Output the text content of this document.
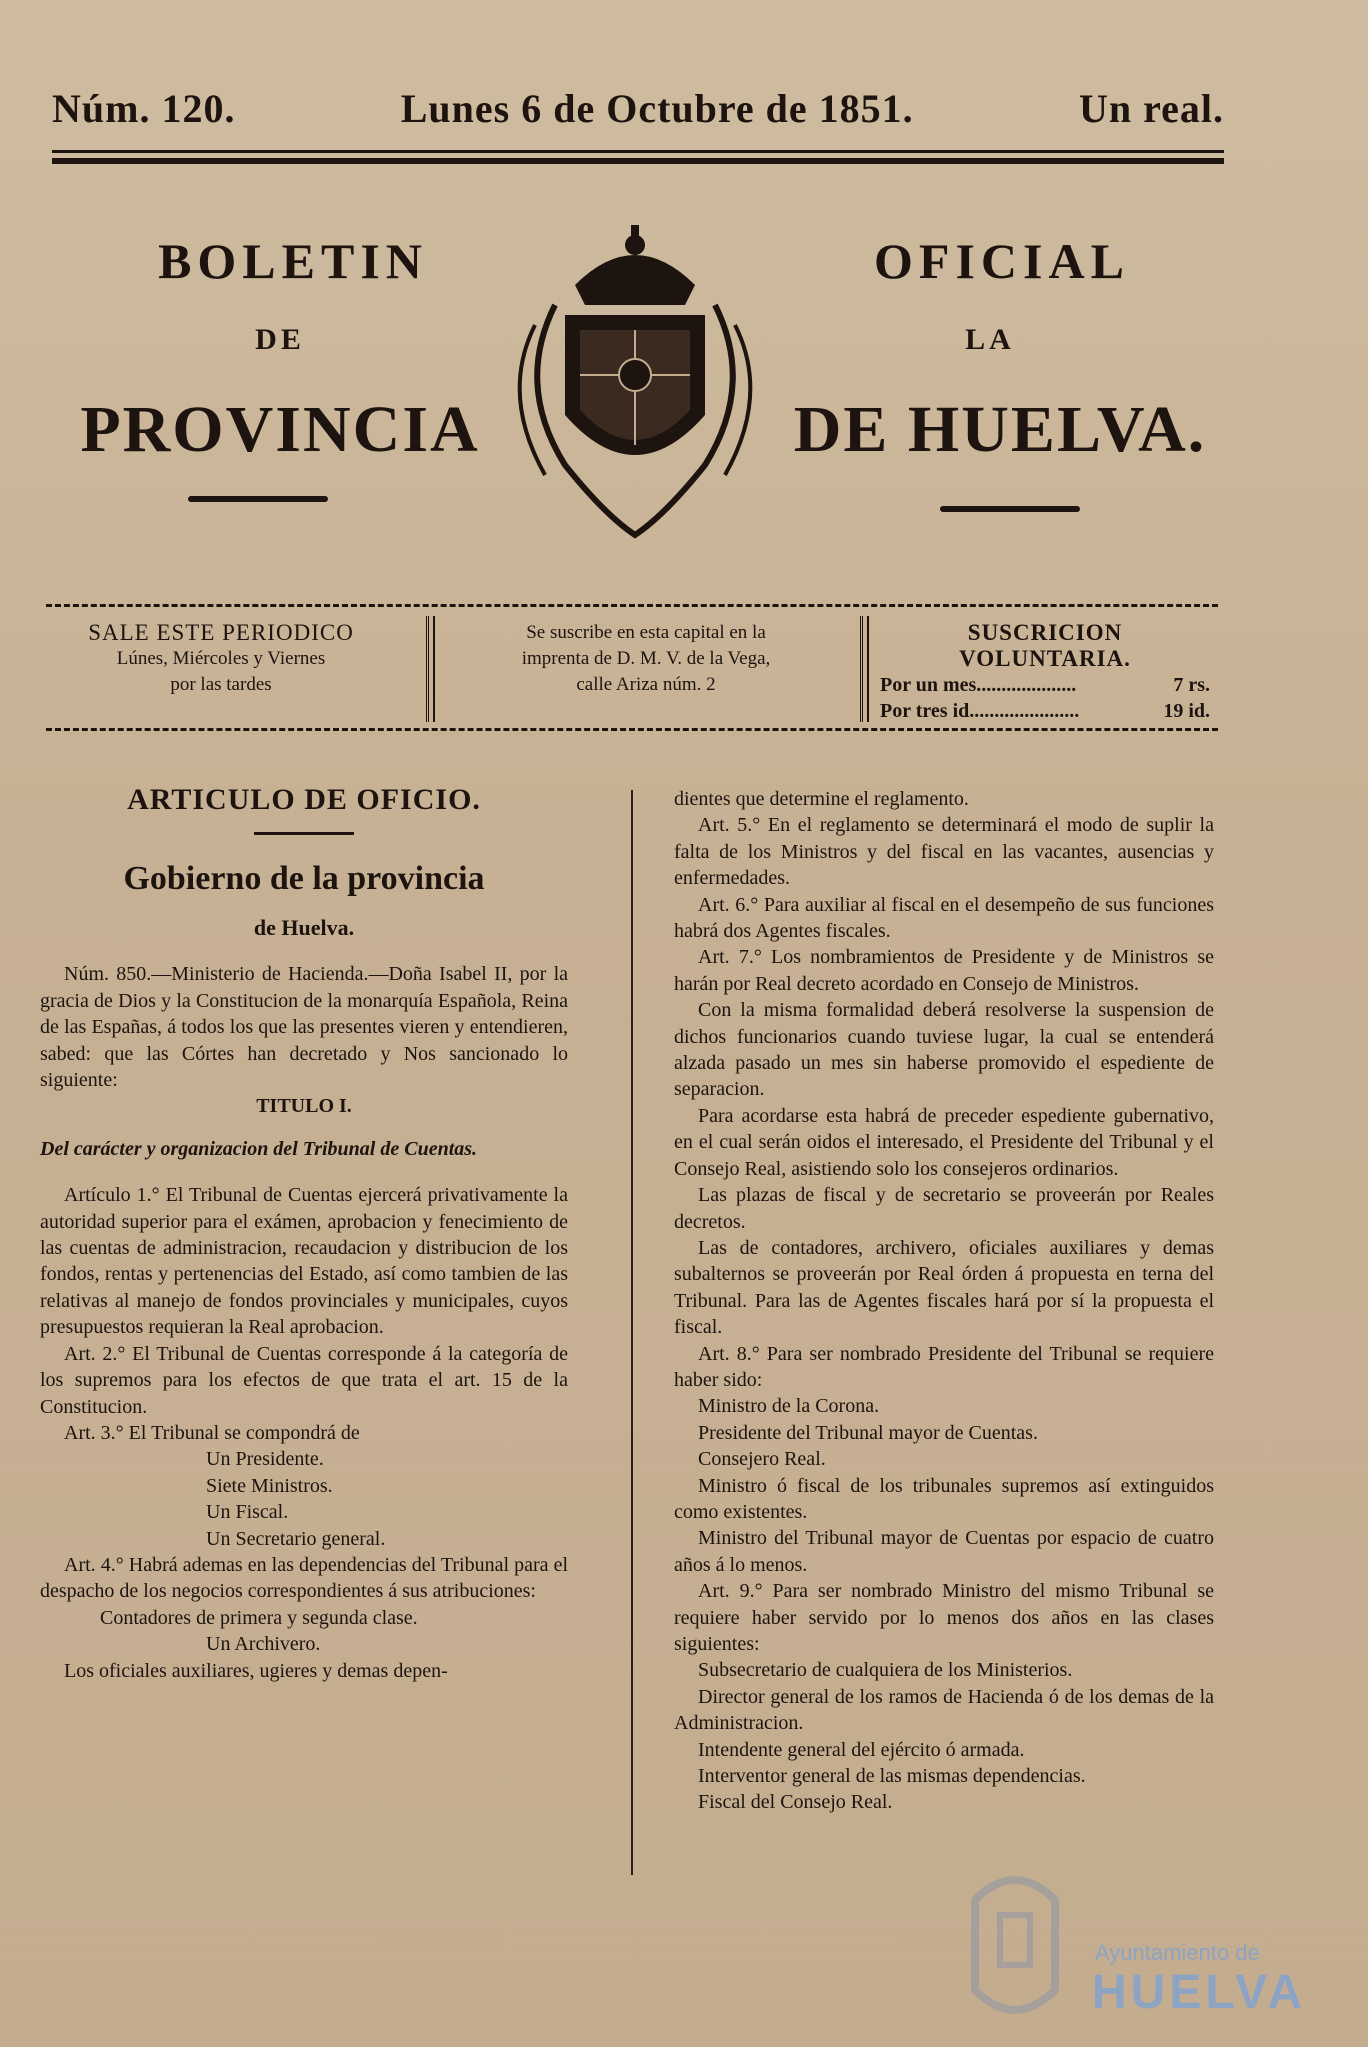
Núm. 120.	Lunes 6 de Octubre de 1851.	Un real.
BOLETIN
DE
PROVINCIA
OFICIAL
LA
DE HUELVA.
SALE ESTE PERIODICO
Lúnes, Miércoles y Viernes
por las tardes
Se suscribe en esta capital en la
imprenta de D. M. V. de la Vega,
calle Ariza núm. 2
SUSCRICION VOLUNTARIA.
Por un mes....................	7 rs.
Por tres id......................	19 id.

ARTICULO DE OFICIO.

Gobierno de la provincia

de Huelva.

Núm. 850.—Ministerio de Hacienda.—Doña Isabel II, por la gracia de Dios y la Constitucion de la monarquía Española, Reina de las Españas, á todos los que las presentes vieren y entendieren, sabed: que las Córtes han decretado y Nos sancionado lo siguiente:

TITULO I.

Del carácter y organizacion del Tribunal de Cuentas.

Artículo 1.° El Tribunal de Cuentas ejercerá privativamente la autoridad superior para el exámen, aprobacion y fenecimiento de las cuentas de administracion, recaudacion y distribucion de los fondos, rentas y pertenencias del Estado, así como tambien de las relativas al manejo de fondos provinciales y municipales, cuyos presupuestos requieran la Real aprobacion.

Art. 2.° El Tribunal de Cuentas corresponde á la categoría de los supremos para los efectos de que trata el art. 15 de la Constitucion.

Art. 3.° El Tribunal se compondrá de

Un Presidente.

Siete Ministros.

Un Fiscal.

Un Secretario general.

Art. 4.° Habrá ademas en las dependencias del Tribunal para el despacho de los negocios correspondientes á sus atribuciones:

Contadores de primera y segunda clase.

Un Archivero.

Los oficiales auxiliares, ugieres y demas depen-

dientes que determine el reglamento.

Art. 5.° En el reglamento se determinará el modo de suplir la falta de los Ministros y del fiscal en las vacantes, ausencias y enfermedades.

Art. 6.° Para auxiliar al fiscal en el desempeño de sus funciones habrá dos Agentes fiscales.

Art. 7.° Los nombramientos de Presidente y de Ministros se harán por Real decreto acordado en Consejo de Ministros.

Con la misma formalidad deberá resolverse la suspension de dichos funcionarios cuando tuviese lugar, la cual se entenderá alzada pasado un mes sin haberse promovido el espediente de separacion.

Para acordarse esta habrá de preceder espediente gubernativo, en el cual serán oidos el interesado, el Presidente del Tribunal y el Consejo Real, asistiendo solo los consejeros ordinarios.

Las plazas de fiscal y de secretario se proveerán por Reales decretos.

Las de contadores, archivero, oficiales auxiliares y demas subalternos se proveerán por Real órden á propuesta en terna del Tribunal. Para las de Agentes fiscales hará por sí la propuesta el fiscal.

Art. 8.° Para ser nombrado Presidente del Tribunal se requiere haber sido:

Ministro de la Corona.

Presidente del Tribunal mayor de Cuentas.

Consejero Real.

Ministro ó fiscal de los tribunales supremos así extinguidos como existentes.

Ministro del Tribunal mayor de Cuentas por espacio de cuatro años á lo menos.

Art. 9.° Para ser nombrado Ministro del mismo Tribunal se requiere haber servido por lo menos dos años en las clases siguientes:

Subsecretario de cualquiera de los Ministerios.

Director general de los ramos de Hacienda ó de los demas de la Administracion.

Intendente general del ejército ó armada.

Interventor general de las mismas dependencias.

Fiscal del Consejo Real.

Ayuntamiento de
HUELVA
